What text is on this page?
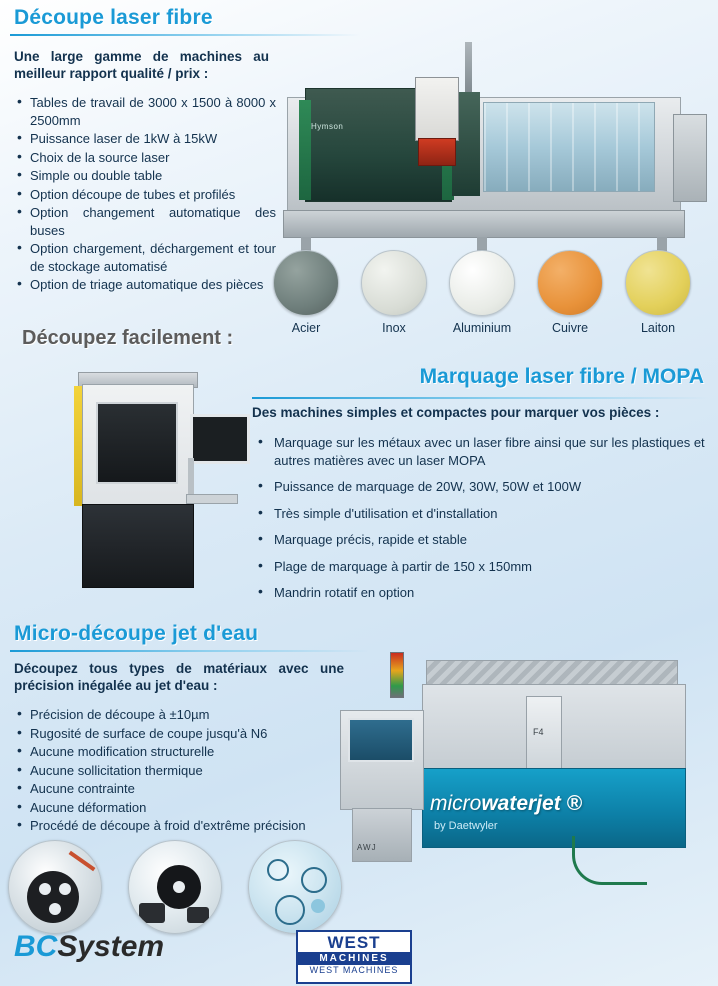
Découpe laser fibre
Une large gamme de machines au meilleur rapport qualité / prix :
• Tables de travail de 3000 x 1500 à 8000 x 2500mm
• Puissance laser de 1kW à 15kW
• Choix de la source laser
• Simple ou double table
• Option découpe de tubes et profilés
• Option changement automatique des buses
• Option chargement, déchargement et tour de stockage automatisé
• Option de triage automatique des pièces
Hymson
Acier	Inox	Aluminium	Cuivre	Laiton
Découpez facilement :
Marquage laser fibre / MOPA
Des machines simples et compactes pour marquer vos pièces :
• Marquage sur les métaux avec un laser fibre ainsi que sur les plastiques et autres matières avec un laser MOPA
• Puissance de marquage de 20W, 30W, 50W et 100W
• Très simple d'utilisation et d'installation
• Marquage précis, rapide et stable
• Plage de marquage à partir de 150 x 150mm
• Mandrin rotatif en option
Micro-découpe jet d'eau
Découpez tous types de matériaux avec une précision inégalée au jet d'eau :
• Précision de découpe à ±10µm
• Rugosité de surface de coupe jusqu'à N6
• Aucune modification structurelle
• Aucune sollicitation thermique
• Aucune contrainte
• Aucune déformation
• Procédé de découpe à froid d'extrême précision
F4
AWJ
microwaterjet ®
by Daetwyler
BCSystem	WEST
MACHINES
WEST MACHINES
